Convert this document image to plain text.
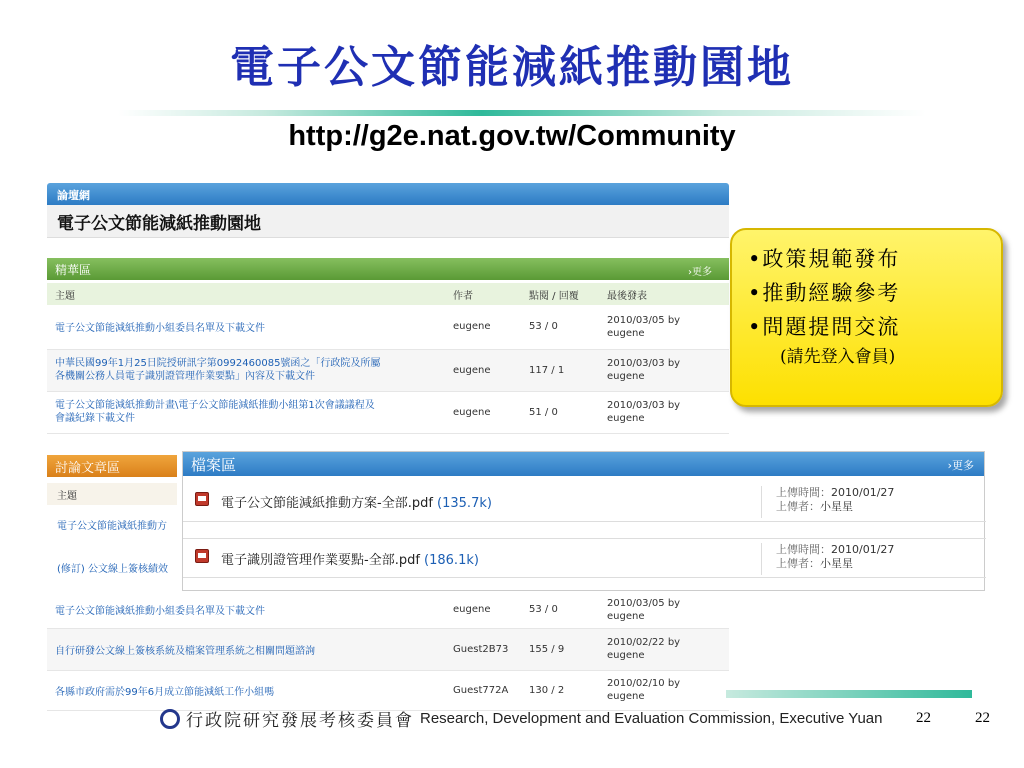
電子公文節能減紙推動園地
http://g2e.nat.gov.tw/Community
論壇網
電子公文節能減紙推動園地
精華區	›更多
主題	作者	點閱 / 回覆	最後發表
電子公文節能減紙推動小組委員名單及下載文件	eugene	53 / 0	2010/03/05 by
eugene
中華民國99年1月25日院授研訊字第0992460085號函之「行政院及所屬
各機關公務人員電子識別證管理作業要點」內容及下載文件	eugene	117 / 1	2010/03/03 by
eugene
電子公文節能減紙推動計畫\電子公文節能減紙推動小組第1次會議議程及
會議紀錄下載文件	eugene	51 / 0	2010/03/03 by
eugene
討論文章區
主題
電子公文節能減紙推動方
(修訂) 公文線上簽核績效
電子公文節能減紙推動小組委員名單及下載文件	eugene	53 / 0	2010/03/05 by
eugene
自行研發公文線上簽核系統及檔案管理系統之相關問題諮詢	Guest2B73	155 / 9	2010/02/22 by
eugene
各縣市政府需於99年6月成立節能減紙工作小組嗎	Guest772A	130 / 2	2010/02/10 by
eugene
檔案區	›更多
電子公文節能減紙推動方案-全部.pdf (135.7k)
上傳時間：2010/01/27
上傳者：小星星
電子識別證管理作業要點-全部.pdf (186.1k)
上傳時間：2010/01/27
上傳者：小星星
•政策規範發布
•推動經驗參考
•問題提問交流
(請先登入會員)
行政院研究發展考核委員會 Research, Development and Evaluation Commission, Executive Yuan 22	22
